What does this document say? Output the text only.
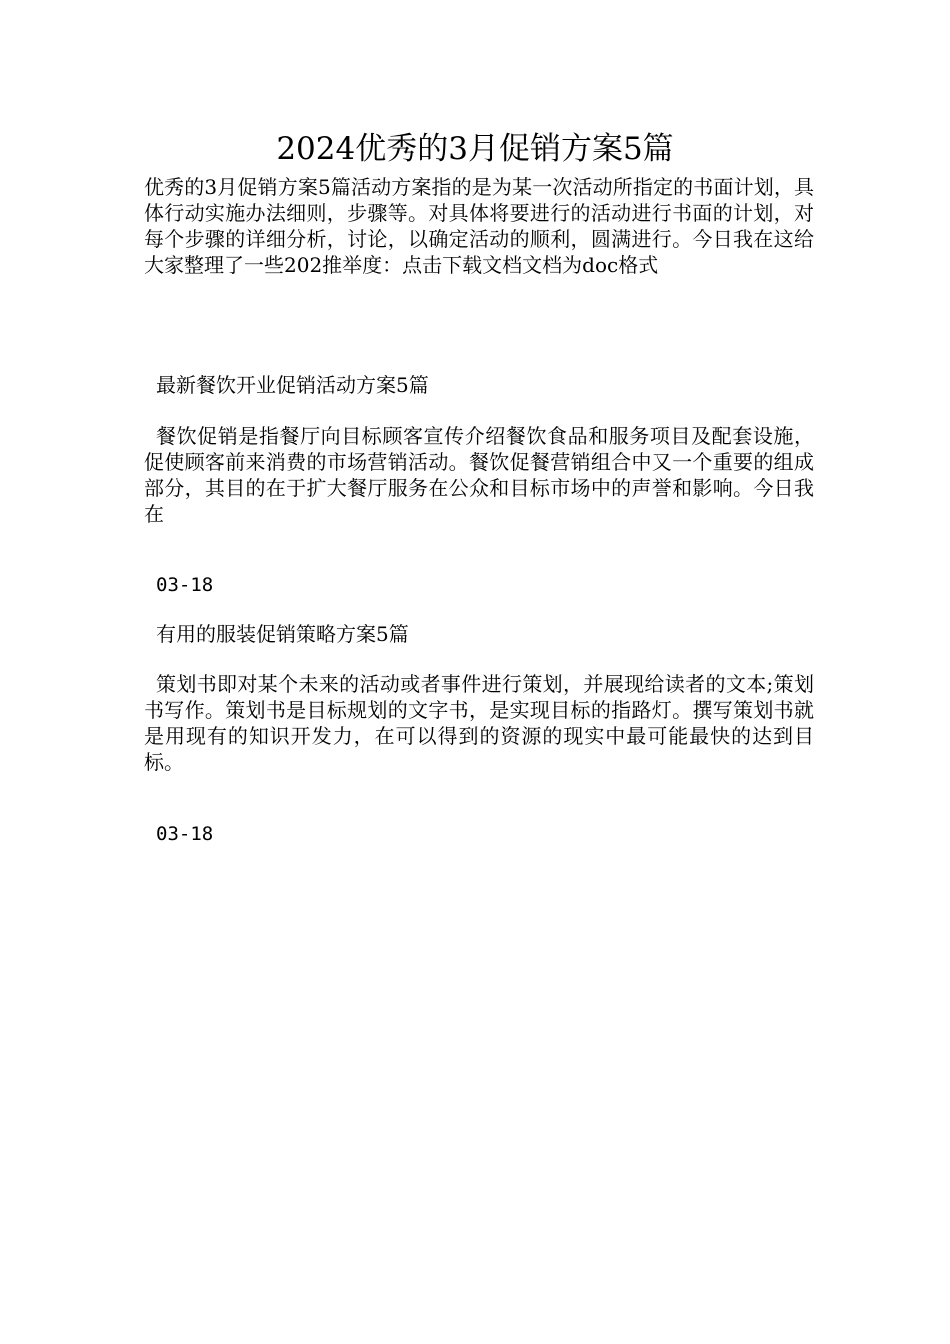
2024优秀的3月促销方案5篇

优秀的3月促销方案5篇活动方案指的是为某一次活动所指定的书面计划，具体行动实施办法细则，步骤等。对具体将要进行的活动进行书面的计划，对每个步骤的详细分析，讨论，以确定活动的顺利，圆满进行。今日我在这给大家整理了一些202推举度：点击下载文档文档为doc格式

最新餐饮开业促销活动方案5篇

餐饮促销是指餐厅向目标顾客宣传介绍餐饮食品和服务项目及配套设施，促使顾客前来消费的市场营销活动。餐饮促餐营销组合中又一个重要的组成部分，其目的在于扩大餐厅服务在公众和目标市场中的声誉和影响。今日我在

03-18

有用的服装促销策略方案5篇

策划书即对某个未来的活动或者事件进行策划，并展现给读者的文本;策划书写作。策划书是目标规划的文字书，是实现目标的指路灯。撰写策划书就是用现有的知识开发力，在可以得到的资源的现实中最可能最快的达到目标。

03-18
